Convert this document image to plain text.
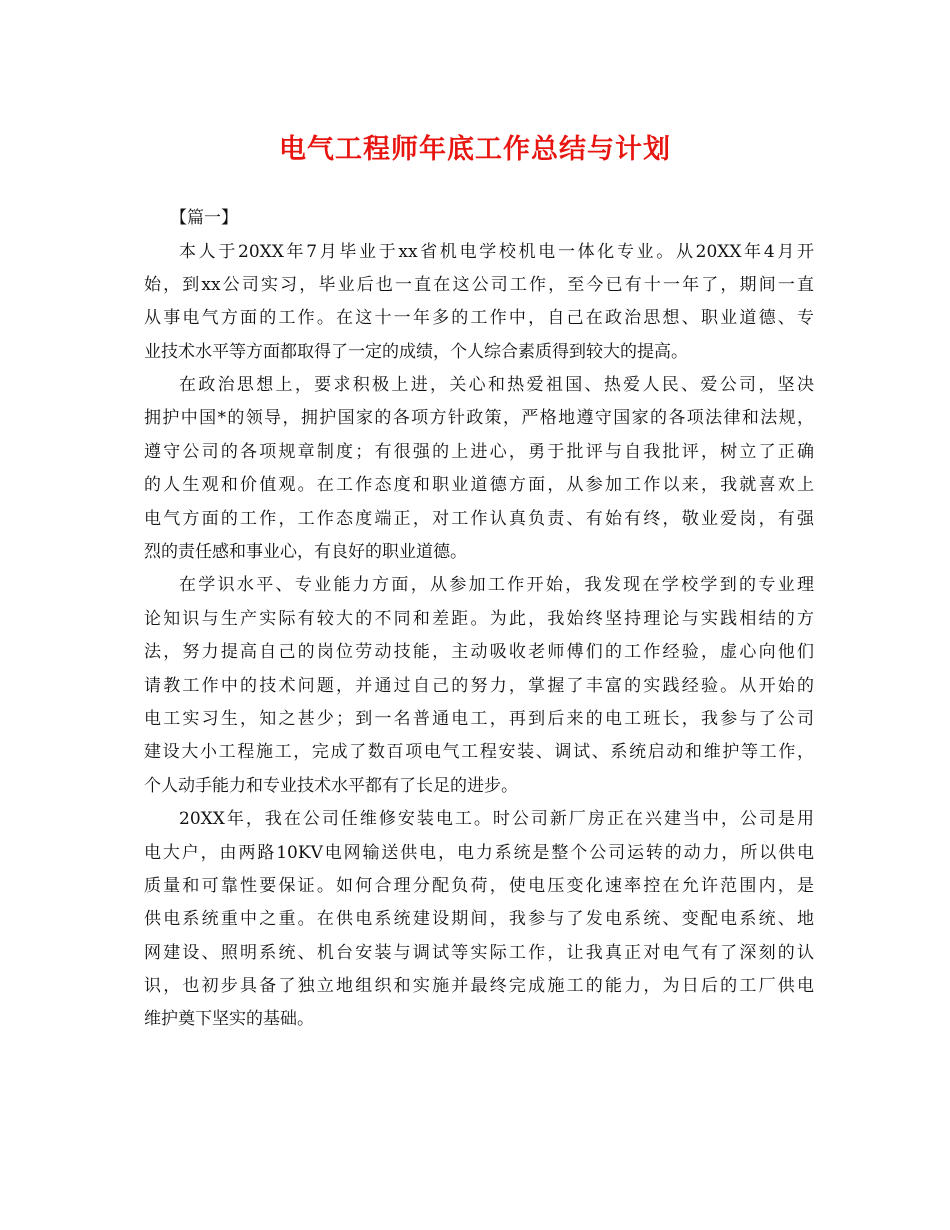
电气工程师年底工作总结与计划
【篇一】
本人于20XX年7月毕业于xx省机电学校机电一体化专业。从20XX年4月开
始，到xx公司实习，毕业后也一直在这公司工作，至今已有十一年了，期间一直
从事电气方面的工作。在这十一年多的工作中，自己在政治思想、职业道德、专
业技术水平等方面都取得了一定的成绩，个人综合素质得到较大的提高。
在政治思想上，要求积极上进，关心和热爱祖国、热爱人民、爱公司，坚决
拥护中国*的领导，拥护国家的各项方针政策，严格地遵守国家的各项法律和法规，
遵守公司的各项规章制度；有很强的上进心，勇于批评与自我批评，树立了正确
的人生观和价值观。在工作态度和职业道德方面，从参加工作以来，我就喜欢上
电气方面的工作，工作态度端正，对工作认真负责、有始有终，敬业爱岗，有强
烈的责任感和事业心，有良好的职业道德。
在学识水平、专业能力方面，从参加工作开始，我发现在学校学到的专业理
论知识与生产实际有较大的不同和差距。为此，我始终坚持理论与实践相结的方
法，努力提高自己的岗位劳动技能，主动吸收老师傅们的工作经验，虚心向他们
请教工作中的技术问题，并通过自己的努力，掌握了丰富的实践经验。从开始的
电工实习生，知之甚少；到一名普通电工，再到后来的电工班长，我参与了公司
建设大小工程施工，完成了数百项电气工程安装、调试、系统启动和维护等工作，
个人动手能力和专业技术水平都有了长足的进步。
20XX年，我在公司任维修安装电工。时公司新厂房正在兴建当中，公司是用
电大户，由两路10KV电网输送供电，电力系统是整个公司运转的动力，所以供电
质量和可靠性要保证。如何合理分配负荷，使电压变化速率控在允许范围内，是
供电系统重中之重。在供电系统建设期间，我参与了发电系统、变配电系统、地
网建设、照明系统、机台安装与调试等实际工作，让我真正对电气有了深刻的认
识，也初步具备了独立地组织和实施并最终完成施工的能力，为日后的工厂供电
维护奠下坚实的基础。
